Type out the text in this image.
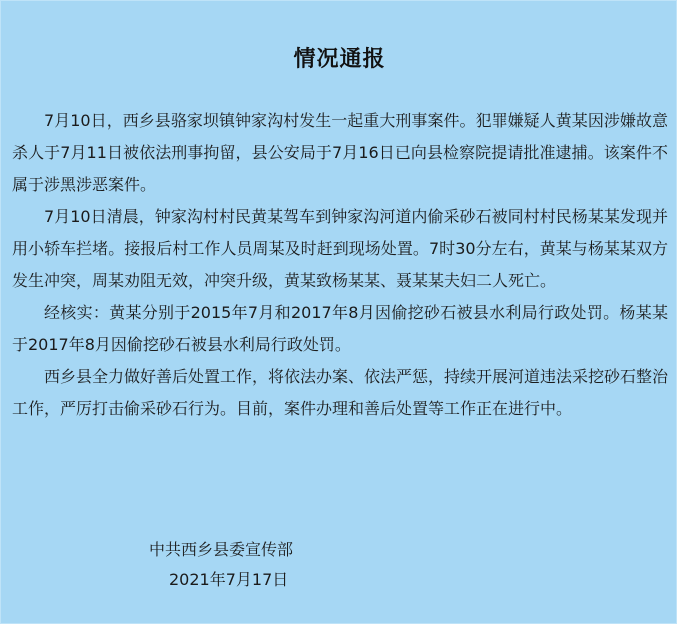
情况通报

7月10日，西乡县骆家坝镇钟家沟村发生一起重大刑事案件。犯罪嫌疑人黄某因涉嫌故意杀人于7月11日被依法刑事拘留，县公安局于7月16日已向县检察院提请批准逮捕。该案件不属于涉黑涉恶案件。

7月10日清晨，钟家沟村村民黄某驾车到钟家沟河道内偷采砂石被同村村民杨某某发现并用小轿车拦堵。接报后村工作人员周某及时赶到现场处置。7时30分左右，黄某与杨某某双方发生冲突，周某劝阻无效，冲突升级，黄某致杨某某、聂某某夫妇二人死亡。

经核实：黄某分别于2015年7月和2017年8月因偷挖砂石被县水利局行政处罚。杨某某于2017年8月因偷挖砂石被县水利局行政处罚。

西乡县全力做好善后处置工作，将依法办案、依法严惩，持续开展河道违法采挖砂石整治工作，严厉打击偷采砂石行为。目前，案件办理和善后处置等工作正在进行中。

中共西乡县委宣传部
2021年7月17日
